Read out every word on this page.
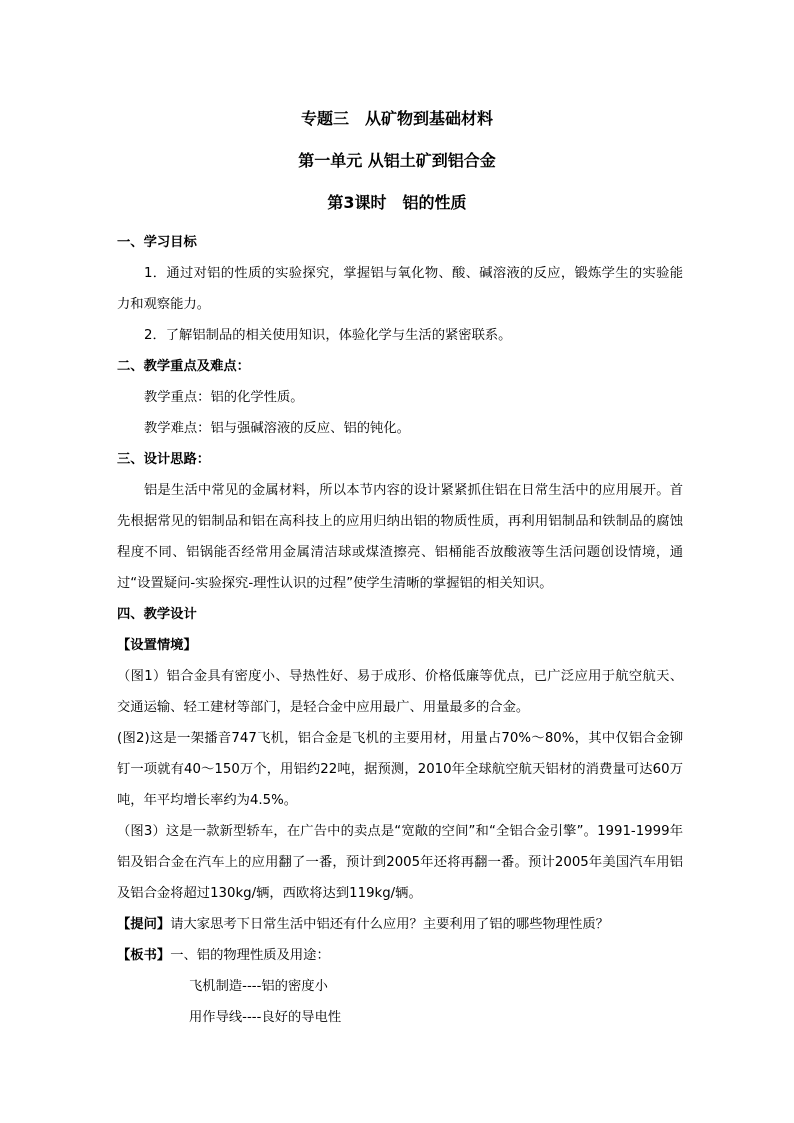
专题三　从矿物到基础材料
第一单元 从铝土矿到铝合金
第3课时　铝的性质

一、学习目标

1．通过对铝的性质的实验探究，掌握铝与氧化物、酸、碱溶液的反应，锻炼学生的实验能力和观察能力。

2．了解铝制品的相关使用知识，体验化学与生活的紧密联系。

二、教学重点及难点：

教学重点：铝的化学性质。

教学难点：铝与强碱溶液的反应、铝的钝化。

三、设计思路：

铝是生活中常见的金属材料，所以本节内容的设计紧紧抓住铝在日常生活中的应用展开。首先根据常见的铝制品和铝在高科技上的应用归纳出铝的物质性质，再利用铝制品和铁制品的腐蚀程度不同、铝锅能否经常用金属清洁球或煤渣擦亮、铝桶能否放酸液等生活问题创设情境，通过“设置疑问-实验探究-理性认识的过程”使学生清晰的掌握铝的相关知识。

四、教学设计

【设置情境】

（图1）铝合金具有密度小、导热性好、易于成形、价格低廉等优点，已广泛应用于航空航天、交通运输、轻工建材等部门，是轻合金中应用最广、用量最多的合金。

(图2)这是一架播音747飞机，铝合金是飞机的主要用材，用量占70%～80%，其中仅铝合金铆钉一项就有40～150万个，用铝约22吨，据预测，2010年全球航空航天铝材的消费量可达60万吨，年平均增长率约为4.5%。

（图3）这是一款新型轿车，在广告中的卖点是“宽敞的空间”和“全铝合金引擎”。1991-1999年铝及铝合金在汽车上的应用翻了一番，预计到2005年还将再翻一番。预计2005年美国汽车用铝及铝合金将超过130kg/辆，西欧将达到119kg/辆。

【提问】请大家思考下日常生活中铝还有什么应用？主要利用了铝的哪些物理性质？

【板书】一、铝的物理性质及用途：

飞机制造----铝的密度小

用作导线----良好的导电性
